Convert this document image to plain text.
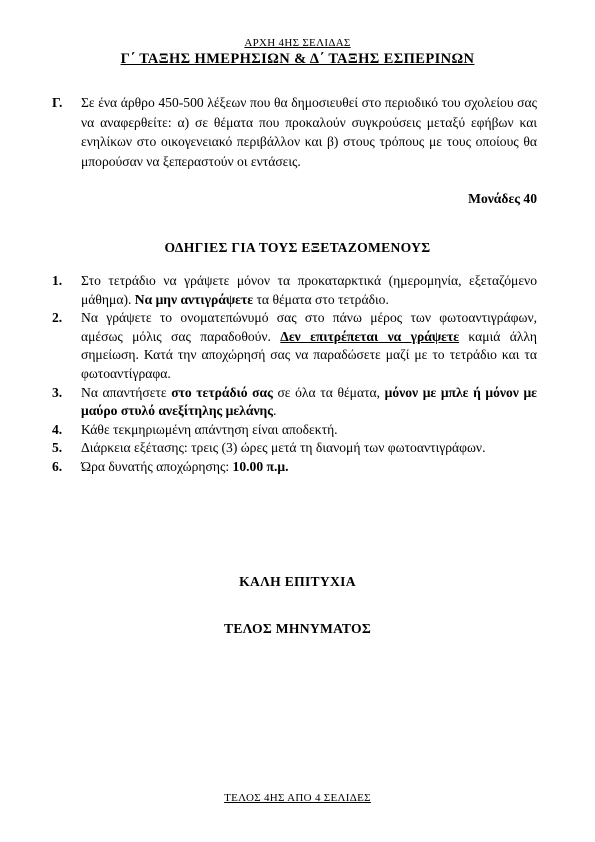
ΑΡΧΗ 4ΗΣ ΣΕΛΙΔΑΣ
Γ΄ ΤΑΞΗΣ ΗΜΕΡΗΣΙΩΝ & Δ΄ ΤΑΞΗΣ ΕΣΠΕΡΙΝΩΝ
Γ. Σε ένα άρθρο 450-500 λέξεων που θα δημοσιευθεί στο περιοδικό του σχολείου σας να αναφερθείτε: α) σε θέματα που προκαλούν συγκρούσεις μεταξύ εφήβων και ενηλίκων στο οικογενειακό περιβάλλον και β) στους τρόπους με τους οποίους θα μπορούσαν να ξεπεραστούν οι εντάσεις.
Μονάδες 40
ΟΔΗΓΙΕΣ ΓΙΑ ΤΟΥΣ ΕΞΕΤΑΖΟΜΕΝΟΥΣ
1. Στο τετράδιο να γράψετε μόνον τα προκαταρκτικά (ημερομηνία, εξεταζόμενο μάθημα). Να μην αντιγράψετε τα θέματα στο τετράδιο.
2. Να γράψετε το ονοματεπώνυμό σας στο πάνω μέρος των φωτοαντιγράφων, αμέσως μόλις σας παραδοθούν. Δεν επιτρέπεται να γράψετε καμιά άλλη σημείωση. Κατά την αποχώρησή σας να παραδώσετε μαζί με το τετράδιο και τα φωτοαντίγραφα.
3. Να απαντήσετε στο τετράδιό σας σε όλα τα θέματα, μόνον με μπλε ή μόνον με μαύρο στυλό ανεξίτηλης μελάνης.
4. Κάθε τεκμηριωμένη απάντηση είναι αποδεκτή.
5. Διάρκεια εξέτασης: τρεις (3) ώρες μετά τη διανομή των φωτοαντιγράφων.
6. Ώρα δυνατής αποχώρησης: 10.00 π.μ.
ΚΑΛΗ ΕΠΙΤΥΧΙΑ
ΤΕΛΟΣ ΜΗΝΥΜΑΤΟΣ
ΤΕΛΟΣ 4ΗΣ ΑΠΟ 4 ΣΕΛΙΔΕΣ
